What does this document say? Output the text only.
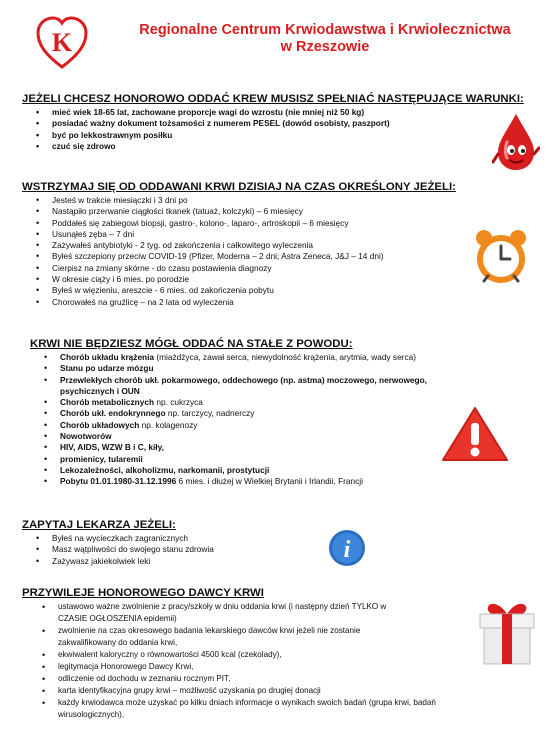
K	Regionalne Centrum Krwiodawstwa i Krwiolecznictwa
w Rzeszowie
JEŻELI CHCESZ HONOROWO ODDAĆ KREW MUSISZ SPEŁNIAĆ NASTĘPUJĄCE WARUNKI:
• mieć wiek 18-65 lat, zachowane proporcje wagi do wzrostu (nie mniej niż 50 kg)
• posiadać ważny dokument tożsamości z numerem PESEL (dowód osobisty, paszport)
• być po lekkostrawnym posiłku
• czuć się zdrowo
WSTRZYMAJ SIĘ OD ODDAWANI KRWI DZISIAJ NA CZAS OKREŚLONY JEŻELI:
• Jesteś w trakcie miesiączki i 3 dni po
• Nastąpiło przerwanie ciągłości tkanek (tatuaż, kolczyki) – 6 miesięcy
• Poddałeś się zabiegowi biopsji, gastro-, kolono-, laparo-, artroskopii – 6 miesięcy
• Usunąłeś zęba – 7 dni
• Zażywałeś antybiotyki - 2 tyg. od zakończenia i całkowitego wyleczenia
• Byłeś szczepiony przeciw COVID-19 (Pfizer, Moderna – 2 dni; Astra Zeneca, J&J – 14 dni)
• Cierpisz na zmiany skórne - do czasu postawienia diagnozy
• W okresie ciąży i 6 mies. po porodzie
• Byłeś w więzieniu, areszcie - 6 mies. od zakończenia pobytu
• Chorowałeś na gruźlicę – na 2 lata od wyleczenia
KRWI NIE BĘDZIESZ MÓGŁ ODDAĆ NA STAŁE Z POWODU:
• Chorób układu krążenia (miażdżyca, zawał serca, niewydolność krążenia, arytmia, wady serca)
• Stanu po udarze mózgu
• Przewlekłych chorób ukł. pokarmowego, oddechowego (np. astma) moczowego, nerwowego, psychicznych i OUN
• Chorób metabolicznych np. cukrzyca
• Chorób ukł. endokrynnego np. tarczycy, nadnerczy
• Chorób układowych np. kolagenozy
• Nowotworów
• HIV, AIDS, WZW B i C, kiły,
• promienicy, tularemii
• Lekozależności, alkoholizmu, narkomanii, prostytucji
• Pobytu 01.01.1980-31.12.1996 6 mies. i dłużej w Wielkiej Brytanii i Irlandii, Francji
ZAPYTAJ LEKARZA JEŻELI:
• Byłeś na wycieczkach zagranicznych
• Masz wątpliwości do swojego stanu zdrowia
• Zażywasz jakiekolwiek leki
PRZYWILEJE HONOROWEGO DAWCY KRWI
• ustawowo ważne zwolnienie z pracy/szkoły w dniu oddania krwi (i następny dzień TYLKO w CZASIE OGŁOSZENIA epidemii)
• zwolnienie na czas okresowego badania lekarskiego dawców krwi jeżeli nie zostanie zakwalifikowany do oddania krwi,
• ekwiwalent kaloryczny o równowartości 4500 kcal (czekolady),
• legitymacja Honorowego Dawcy Krwi,
• odliczenie od dochodu w zeznaniu rocznym PIT,
• karta identyfikacyjna grupy krwi – możliwość uzyskania po drugiej donacji
• każdy krwiodawca może uzyskać po kilku dniach informacje o wynikach swoich badań (grupa krwi, badań wirusologicznych),
i
